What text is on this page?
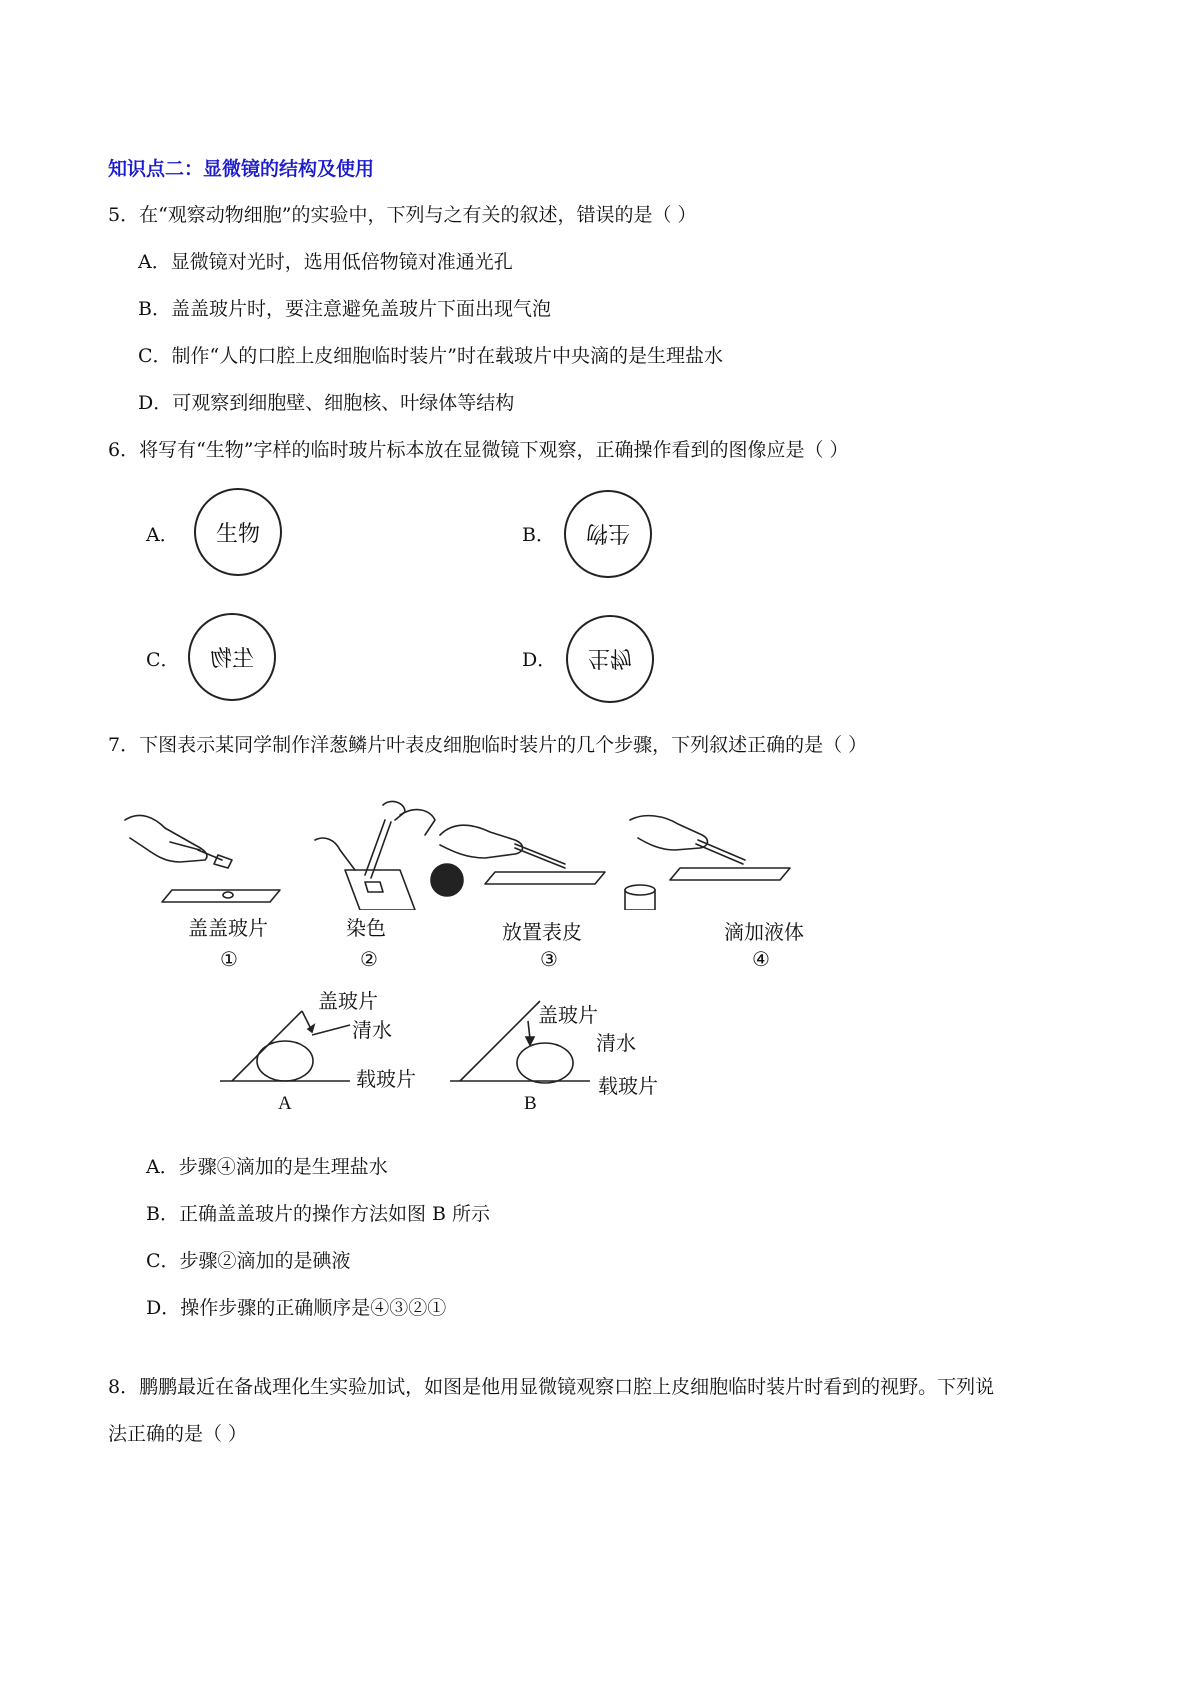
知识点二：显微镜的结构及使用
5．在“观察动物细胞”的实验中，下列与之有关的叙述，错误的是（ ）
A．显微镜对光时，选用低倍物镜对准通光孔
B．盖盖玻片时，要注意避免盖玻片下面出现气泡
C．制作“人的口腔上皮细胞临时装片”时在载玻片中央滴的是生理盐水
D．可观察到细胞壁、细胞核、叶绿体等结构
6．将写有“生物”字样的临时玻片标本放在显微镜下观察，正确操作看到的图像应是（ ）
A． 生物	B． 生物
C． 生物	D． 生物
7．下图表示某同学制作洋葱鳞片叶表皮细胞临时装片的几个步骤，下列叙述正确的是（ ）
盖盖玻片
①
染色
②
放置表皮
③
滴加液体
④
盖玻片
清水
载玻片
A
盖玻片
清水
载玻片
B
A．步骤④滴加的是生理盐水
B．正确盖盖玻片的操作方法如图 B 所示
C．步骤②滴加的是碘液
D．操作步骤的正确顺序是④③②①
8．鹏鹏最近在备战理化生实验加试，如图是他用显微镜观察口腔上皮细胞临时装片时看到的视野。下列说
法正确的是（ ）
